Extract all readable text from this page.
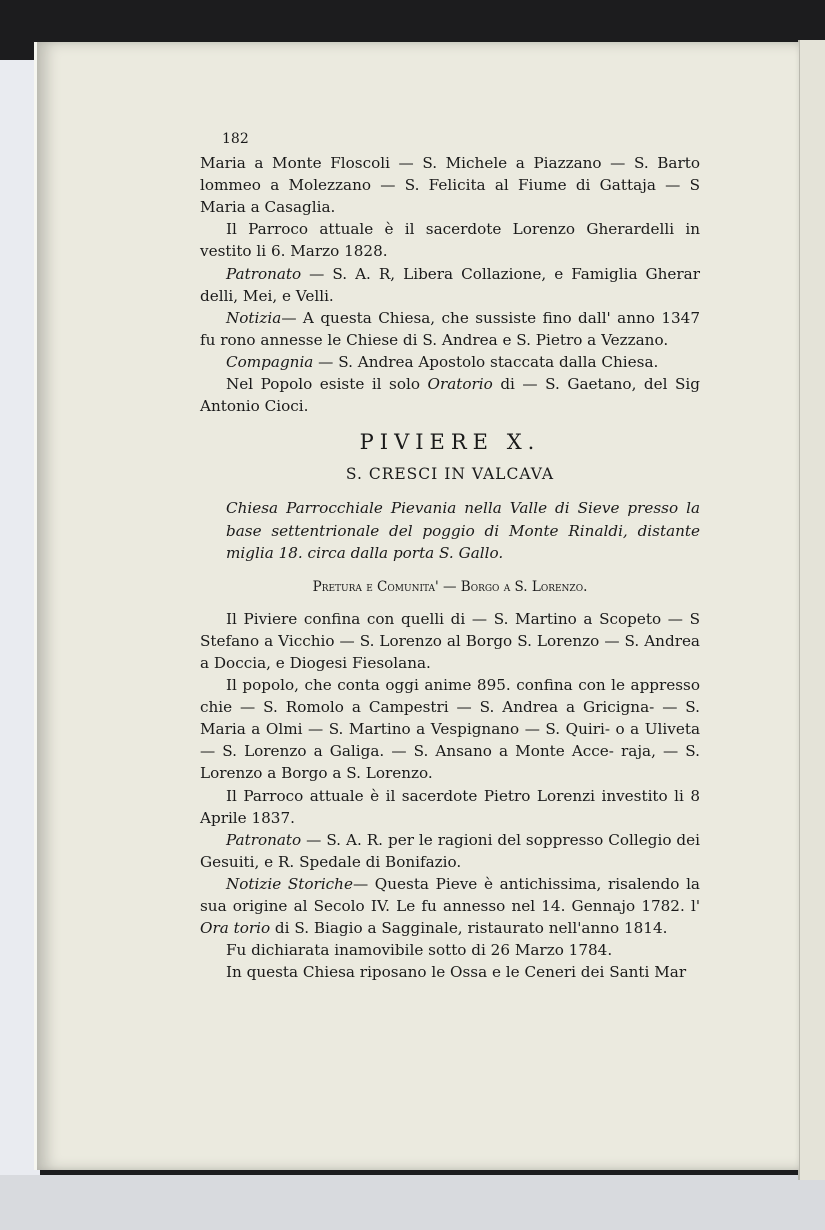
182

Maria a Monte Floscoli — S. Michele a Piazzano — S. Barto lommeo a Molezzano — S. Felicita al Fiume di Gattaja — S Maria a Casaglia.

Il Parroco attuale è il sacerdote Lorenzo Gherardelli in vestito li 6. Marzo 1828.

Patronato — S. A. R, Libera Collazione, e Famiglia Gherar delli, Mei, e Velli.

Notizia— A questa Chiesa, che sussiste fino dall' anno 1347 fu rono annesse le Chiese di S. Andrea e S. Pietro a Vezzano.

Compagnia — S. Andrea Apostolo staccata dalla Chiesa.

Nel Popolo esiste il solo Oratorio di — S. Gaetano, del Sig Antonio Cioci.

PIVIERE X.

S. CRESCI IN VALCAVA

Chiesa Parrocchiale Pievania nella Valle di Sieve presso la base settentrionale del poggio di Monte Rinaldi, distante miglia 18. circa dalla porta S. Gallo.

Pretura e Comunita' — Borgo a S. Lorenzo.

Il Piviere confina con quelli di — S. Martino a Scopeto — S Stefano a Vicchio — S. Lorenzo al Borgo S. Lorenzo — S. Andrea a Doccia, e Diogesi Fiesolana.

Il popolo, che conta oggi anime 895. confina con le appresso chie — S. Romolo a Campestri — S. Andrea a Gricigna- — S. Maria a Olmi — S. Martino a Vespignano — S. Quiri- o a Uliveta — S. Lorenzo a Galiga. — S. Ansano a Monte Acce- raja, — S. Lorenzo a Borgo a S. Lorenzo.

Il Parroco attuale è il sacerdote Pietro Lorenzi investito li 8 Aprile 1837.

Patronato — S. A. R. per le ragioni del soppresso Collegio dei Gesuiti, e R. Spedale di Bonifazio.

Notizie Storiche— Questa Pieve è antichissima, risalendo la sua origine al Secolo IV. Le fu annesso nel 14. Gennajo 1782. l' Ora torio di S. Biagio a Sagginale, ristaurato nell'anno 1814.

Fu dichiarata inamovibile sotto di 26 Marzo 1784.

In questa Chiesa riposano le Ossa e le Ceneri dei Santi Mar
